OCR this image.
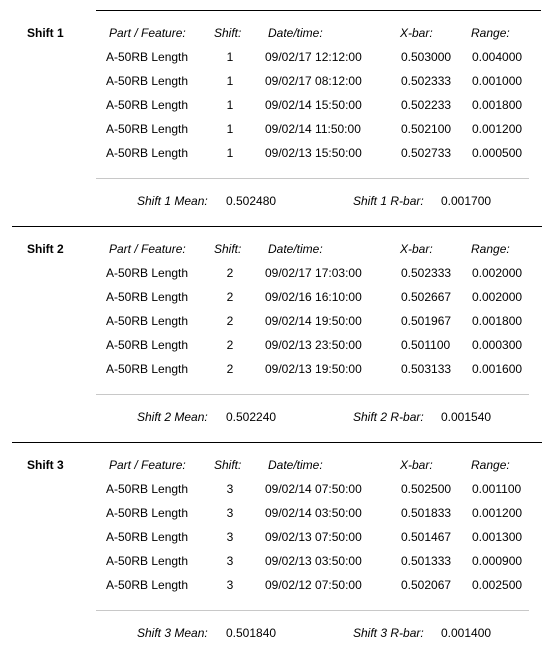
Shift 1	Part / Feature: Shift: Date/time:	X-bar:	Range:
A-50RB Length	1	09/02/17 12:12:00	0.503000 0.004000
A-50RB Length	1	09/02/17 08:12:00	0.502333 0.001000
A-50RB Length	1	09/02/14 15:50:00	0.502233 0.001800
A-50RB Length	1	09/02/14 11:50:00	0.502100 0.001200
A-50RB Length	1	09/02/13 15:50:00	0.502733 0.000500
Shift 1 Mean: 0.502480	Shift 1 R-bar: 0.001700
Shift 2	Part / Feature: Shift: Date/time:	X-bar:	Range:
A-50RB Length	2	09/02/17 17:03:00	0.502333 0.002000
A-50RB Length	2	09/02/16 16:10:00	0.502667 0.002000
A-50RB Length	2	09/02/14 19:50:00	0.501967 0.001800
A-50RB Length	2	09/02/13 23:50:00	0.501100 0.000300
A-50RB Length	2	09/02/13 19:50:00	0.503133 0.001600
Shift 2 Mean: 0.502240	Shift 2 R-bar: 0.001540
Shift 3	Part / Feature: Shift: Date/time:	X-bar:	Range:
A-50RB Length	3	09/02/14 07:50:00	0.502500 0.001100
A-50RB Length	3	09/02/14 03:50:00	0.501833 0.001200
A-50RB Length	3	09/02/13 07:50:00	0.501467 0.001300
A-50RB Length	3	09/02/13 03:50:00	0.501333 0.000900
A-50RB Length	3	09/02/12 07:50:00	0.502067 0.002500
Shift 3 Mean: 0.501840	Shift 3 R-bar: 0.001400
